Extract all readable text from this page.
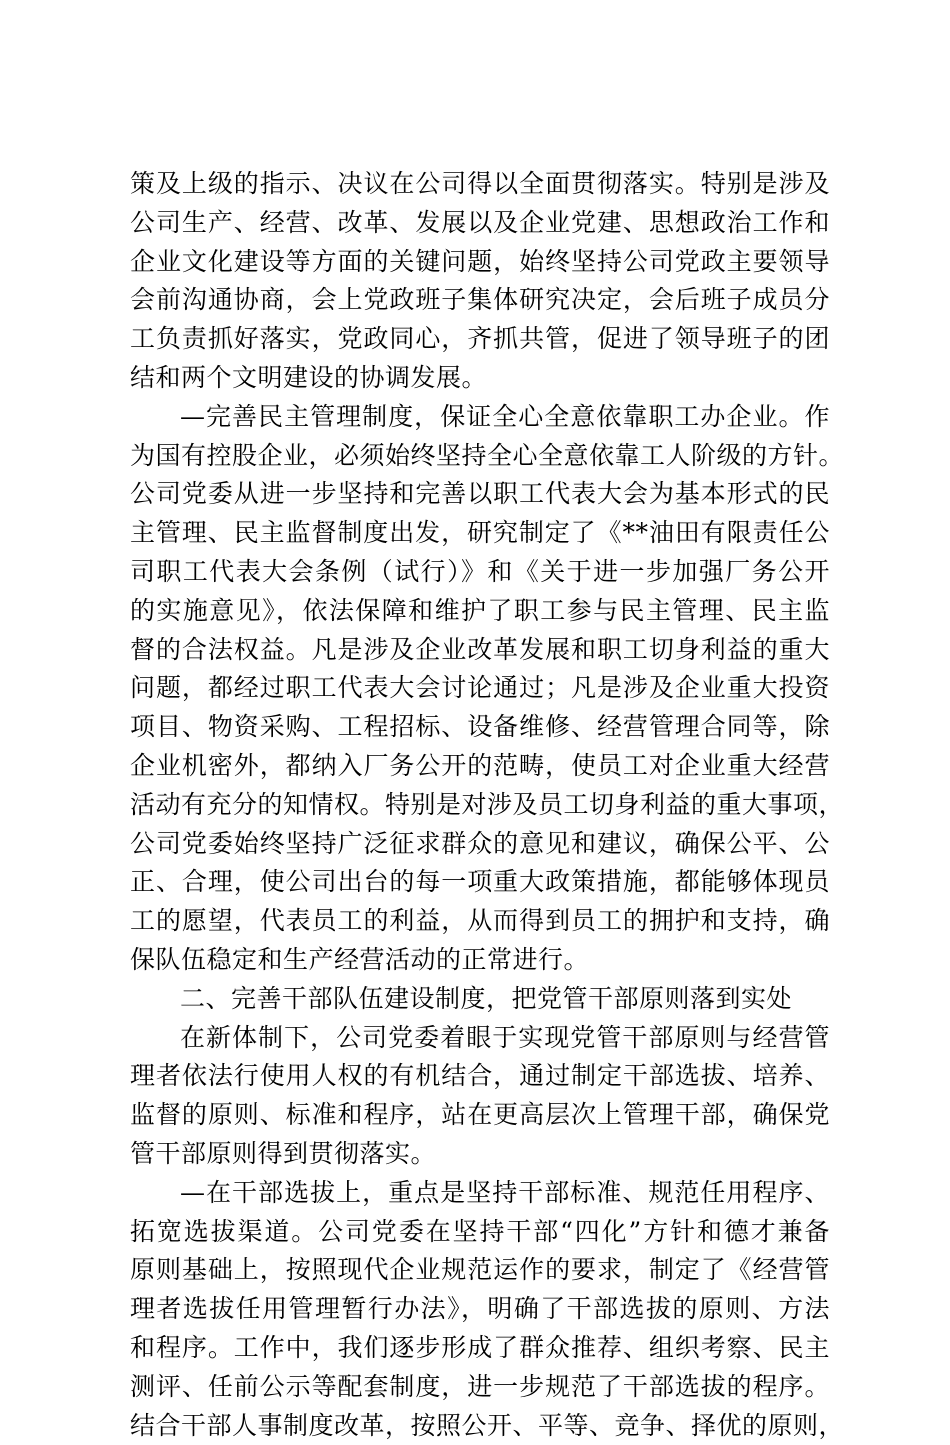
策及上级的指示、决议在公司得以全面贯彻落实。特别是涉及
公司生产、经营、改革、发展以及企业党建、思想政治工作和
企业文化建设等方面的关键问题，始终坚持公司党政主要领导
会前沟通协商，会上党政班子集体研究决定，会后班子成员分
工负责抓好落实，党政同心，齐抓共管，促进了领导班子的团
结和两个文明建设的协调发展。
—完善民主管理制度，保证全心全意依靠职工办企业。作
为国有控股企业，必须始终坚持全心全意依靠工人阶级的方针。
公司党委从进一步坚持和完善以职工代表大会为基本形式的民
主管理、民主监督制度出发，研究制定了《**油田有限责任公
司职工代表大会条例（试行）》和《关于进一步加强厂务公开
的实施意见》，依法保障和维护了职工参与民主管理、民主监
督的合法权益。凡是涉及企业改革发展和职工切身利益的重大
问题，都经过职工代表大会讨论通过；凡是涉及企业重大投资
项目、物资采购、工程招标、设备维修、经营管理合同等，除
企业机密外，都纳入厂务公开的范畴，使员工对企业重大经营
活动有充分的知情权。特别是对涉及员工切身利益的重大事项，
公司党委始终坚持广泛征求群众的意见和建议，确保公平、公
正、合理，使公司出台的每一项重大政策措施，都能够体现员
工的愿望，代表员工的利益，从而得到员工的拥护和支持，确
保队伍稳定和生产经营活动的正常进行。
二、完善干部队伍建设制度，把党管干部原则落到实处
在新体制下，公司党委着眼于实现党管干部原则与经营管
理者依法行使用人权的有机结合，通过制定干部选拔、培养、
监督的原则、标准和程序，站在更高层次上管理干部，确保党
管干部原则得到贯彻落实。
—在干部选拔上，重点是坚持干部标准、规范任用程序、
拓宽选拔渠道。公司党委在坚持干部“四化”方针和德才兼备
原则基础上，按照现代企业规范运作的要求，制定了《经营管
理者选拔任用管理暂行办法》，明确了干部选拔的原则、方法
和程序。工作中，我们逐步形成了群众推荐、组织考察、民主
测评、任前公示等配套制度，进一步规范了干部选拔的程序。
结合干部人事制度改革，按照公开、平等、竞争、择优的原则，
